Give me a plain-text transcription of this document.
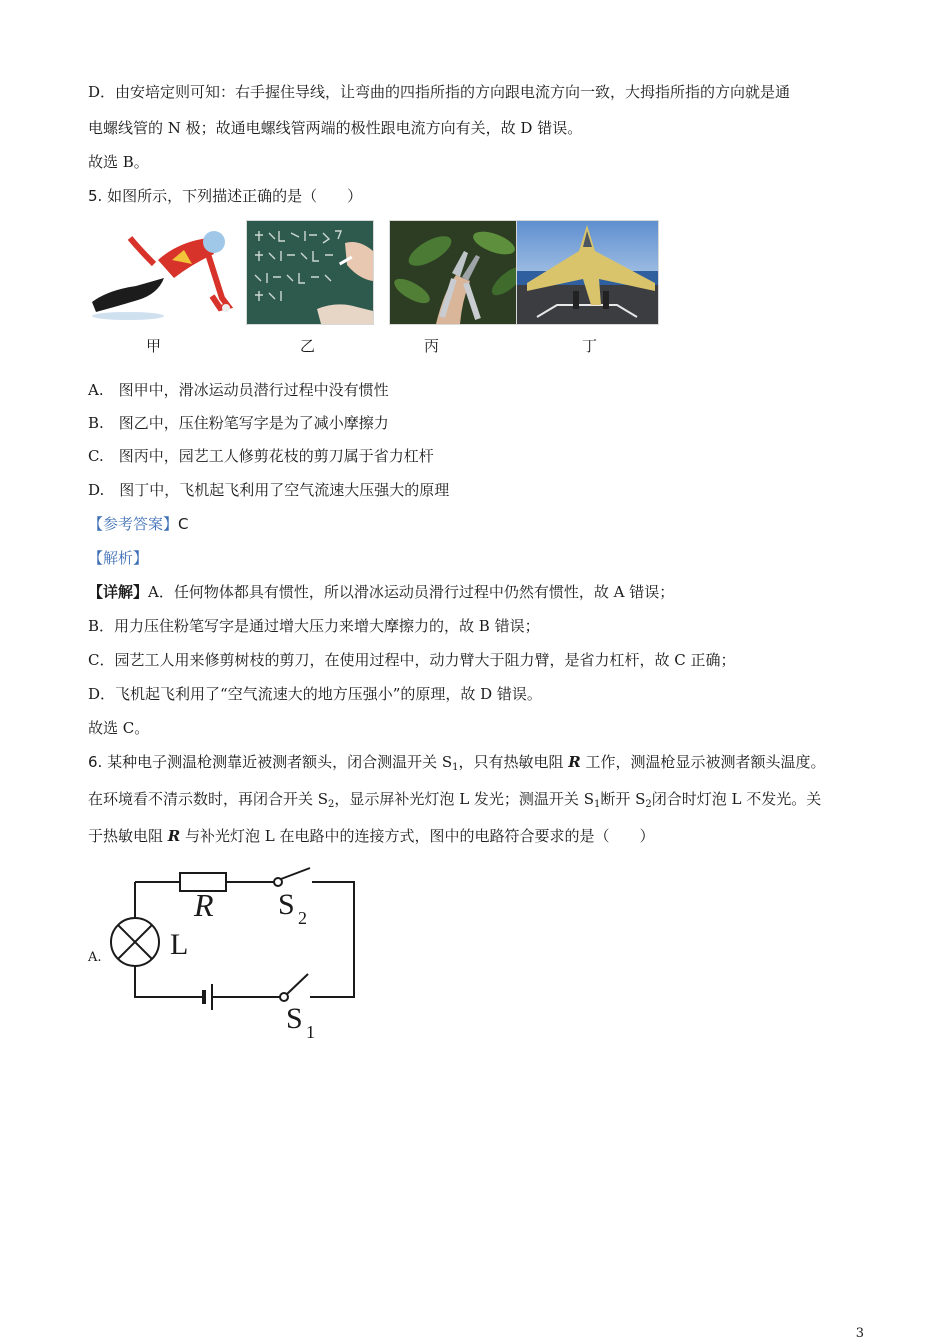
D．由安培定则可知：右手握住导线，让弯曲的四指所指的方向跟电流方向一致，大拇指所指的方向就是通
电螺线管的 N 极；故通电螺线管两端的极性跟电流方向有关，故 D 错误。
故选 B。
5. 如图所示，下列描述正确的是（　　）
甲	乙	丙	丁
A.　图甲中，滑冰运动员潜行过程中没有惯性
B.　图乙中，压住粉笔写字是为了减小摩擦力
C.　图丙中，园艺工人修剪花枝的剪刀属于省力杠杆
D.　图丁中，飞机起飞利用了空气流速大压强大的原理
【参考答案】C
【解析】
【详解】A．任何物体都具有惯性，所以滑冰运动员滑行过程中仍然有惯性，故 A 错误；
B．用力压住粉笔写字是通过增大压力来增大摩擦力的，故 B 错误；
C．园艺工人用来修剪树枝的剪刀，在使用过程中，动力臂大于阻力臂，是省力杠杆，故 C 正确；
D．飞机起飞利用了“空气流速大的地方压强小”的原理，故 D 错误。
故选 C。
6. 某种电子测温枪测靠近被测者额头，闭合测温开关 $S_1$，只有热敏电阻 R 工作，测温枪显示被测者额头温度。
在环境看不清示数时，再闭合开关 $S_2$，显示屏补光灯泡 L 发光；测温开关 $S_1$断开 $S_2$闭合时灯泡 L 不发光。关
于热敏电阻 R 与补光灯泡 L 在电路中的连接方式，图中的电路符合要求的是（　　）
A.
R
L
S 2
S 1
3
